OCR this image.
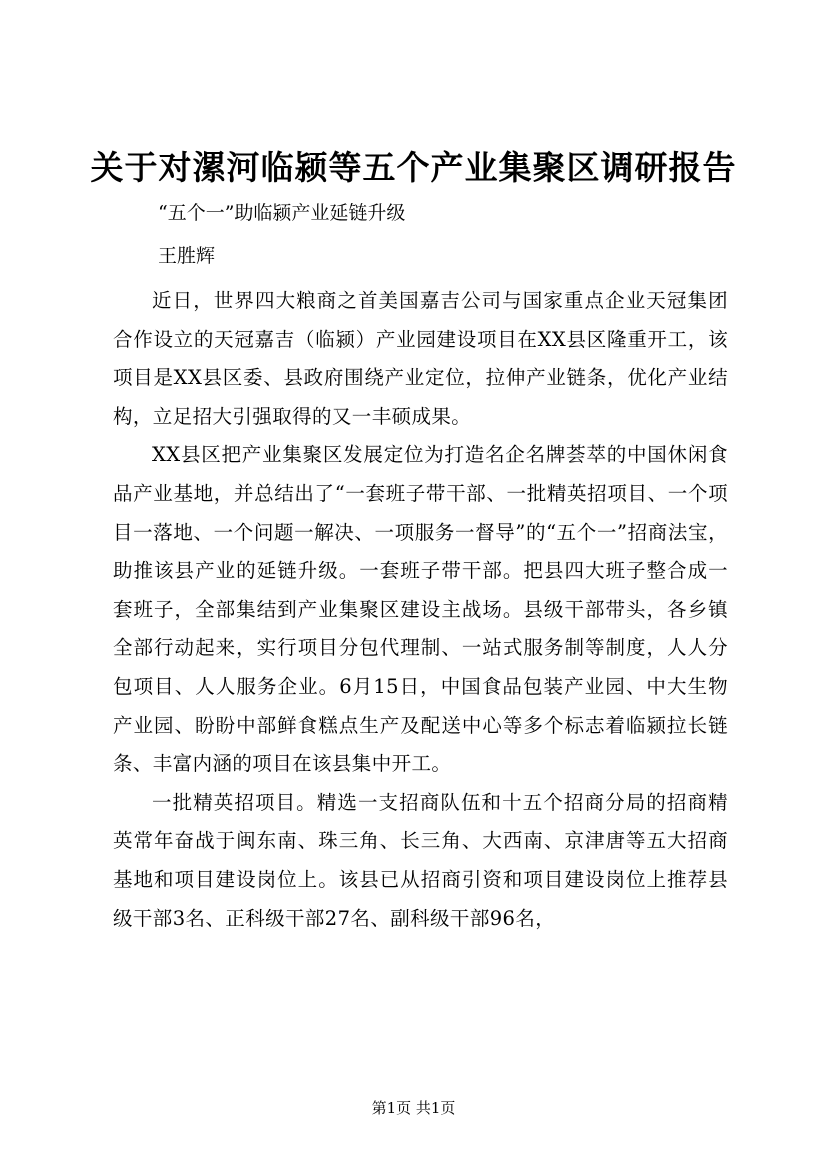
关于对漯河临颍等五个产业集聚区调研报告
“五个一”助临颍产业延链升级
王胜辉

近日，世界四大粮商之首美国嘉吉公司与国家重点企业天冠集团合作设立的天冠嘉吉（临颍）产业园建设项目在XX县区隆重开工，该项目是XX县区委、县政府围绕产业定位，拉伸产业链条，优化产业结构，立足招大引强取得的又一丰硕成果。

XX县区把产业集聚区发展定位为打造名企名牌荟萃的中国休闲食品产业基地，并总结出了“一套班子带干部、一批精英招项目、一个项目一落地、一个问题一解决、一项服务一督导”的“五个一”招商法宝，助推该县产业的延链升级。一套班子带干部。把县四大班子整合成一套班子，全部集结到产业集聚区建设主战场。县级干部带头，各乡镇全部行动起来，实行项目分包代理制、一站式服务制等制度，人人分包项目、人人服务企业。6月15日，中国食品包装产业园、中大生物产业园、盼盼中部鲜食糕点生产及配送中心等多个标志着临颍拉长链条、丰富内涵的项目在该县集中开工。

一批精英招项目。精选一支招商队伍和十五个招商分局的招商精英常年奋战于闽东南、珠三角、长三角、大西南、京津唐等五大招商基地和项目建设岗位上。该县已从招商引资和项目建设岗位上推荐县级干部3名、正科级干部27名、副科级干部96名，

第1页 共1页
